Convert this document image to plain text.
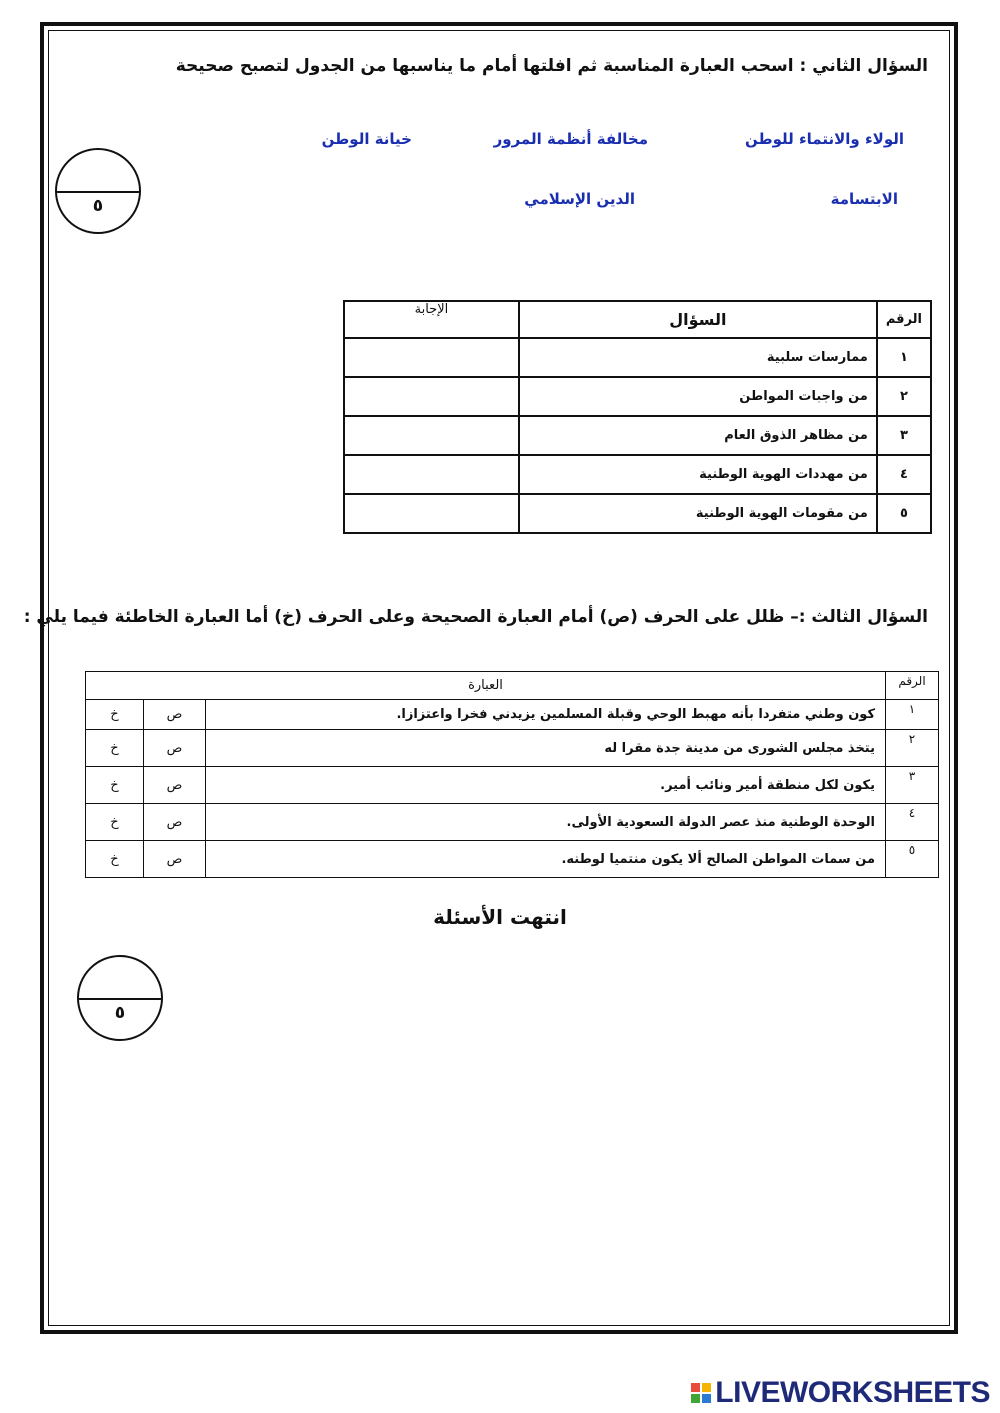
السؤال الثاني : اسحب العبارة المناسبة ثم افلتها أمام ما يناسبها من الجدول لتصبح صحيحة
الولاء والانتماء للوطن
مخالفة أنظمة المرور
خيانة الوطن
الابتسامة
الدين الإسلامي
٥
الرقم	السؤال	الإجابة
١	ممارسات سلبية	
٢	من واجبات المواطن	
٣	من مظاهر الذوق العام	
٤	من مهددات الهوية الوطنية	
٥	من مقومات الهوية الوطنية	
السؤال الثالث :– ظلل على الحرف (ص) أمام العبارة الصحيحة وعلى الحرف (خ) أما العبارة الخاطئة فيما يلي :
الرقم	العبارة		
١	كون وطني متفردا بأنه مهبط الوحي وقبلة المسلمين يزيدني فخرا واعتزازا.	ص	خ
٢	يتخذ مجلس الشورى من مدينة جدة مقرا له	ص	خ
٣	يكون لكل منطقة أمير ونائب أمير.	ص	خ
٤	الوحدة الوطنية منذ عصر الدولة السعودية الأولى.	ص	خ
٥	من سمات المواطن الصالح ألا يكون منتميا لوطنه.	ص	خ
انتهت الأسئلة
٥
LIVEWORKSHEETS
